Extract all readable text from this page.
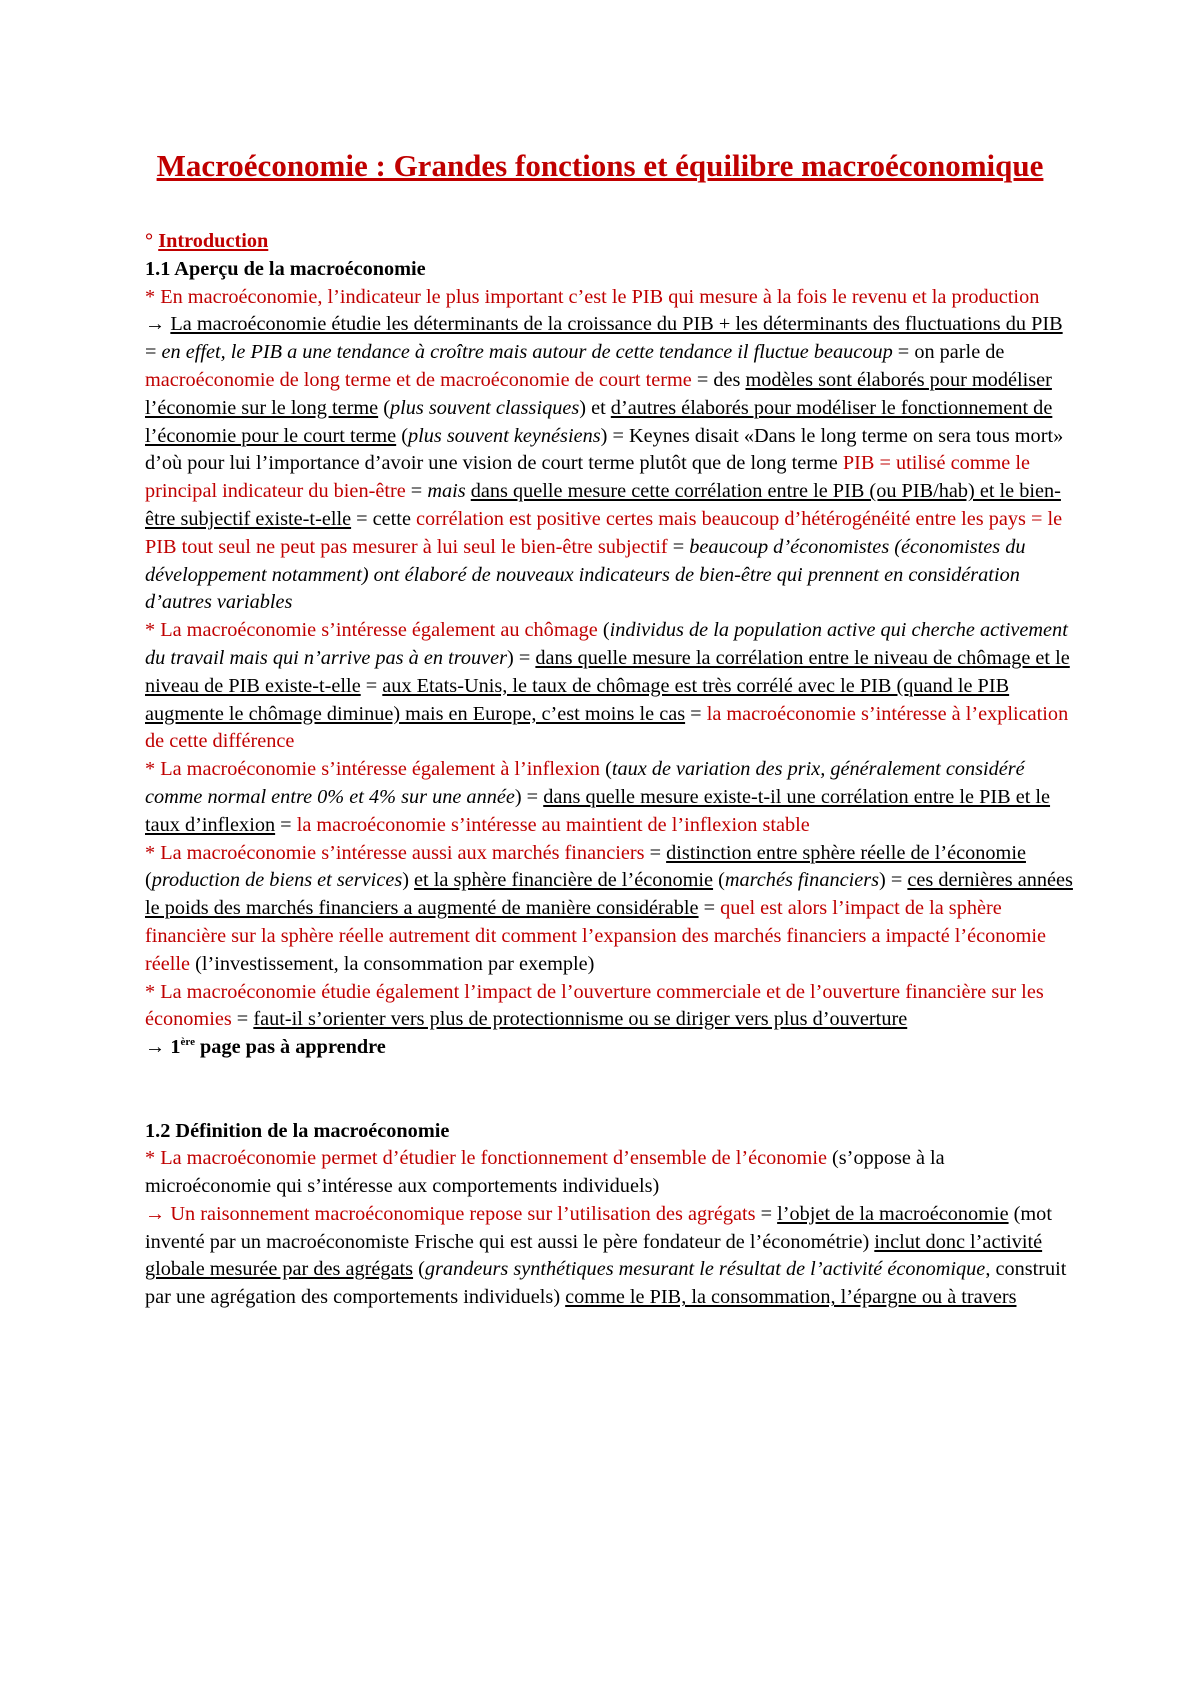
Macroéconomie : Grandes fonctions et équilibre macroéconomique

° Introduction

1.1 Aperçu de la macroéconomie

* En macroéconomie, l’indicateur le plus important c’est le PIB qui mesure à la fois le revenu et la production

→ La macroéconomie étudie les déterminants de la croissance du PIB + les déterminants des fluctuations du PIB = en effet, le PIB a une tendance à croître mais autour de cette tendance il fluctue beaucoup = on parle de macroéconomie de long terme et de macroéconomie de court terme = des modèles sont élaborés pour modéliser l’économie sur le long terme (plus souvent classiques) et d’autres élaborés pour modéliser le fonctionnement de l’économie pour le court terme (plus souvent keynésiens) = Keynes disait «Dans le long terme on sera tous mort» d’où pour lui l’importance d’avoir une vision de court terme plutôt que de long terme PIB = utilisé comme le principal indicateur du bien-être = mais dans quelle mesure cette corrélation entre le PIB (ou PIB/hab) et le bien-être subjectif existe-t-elle = cette corrélation est positive certes mais beaucoup d’hétérogénéité entre les pays = le PIB tout seul ne peut pas mesurer à lui seul le bien-être subjectif = beaucoup d’économistes (économistes du développement notamment) ont élaboré de nouveaux indicateurs de bien-être qui prennent en considération d’autres variables

* La macroéconomie s’intéresse également au chômage (individus de la population active qui cherche activement du travail mais qui n’arrive pas à en trouver) = dans quelle mesure la corrélation entre le niveau de chômage et le niveau de PIB existe-t-elle = aux Etats-Unis, le taux de chômage est très corrélé avec le PIB (quand le PIB augmente le chômage diminue) mais en Europe, c’est moins le cas = la macroéconomie s’intéresse à l’explication de cette différence

* La macroéconomie s’intéresse également à l’inflexion (taux de variation des prix, généralement considéré comme normal entre 0% et 4% sur une année) = dans quelle mesure existe-t-il une corrélation entre le PIB et le taux d’inflexion = la macroéconomie s’intéresse au maintient de l’inflexion stable

* La macroéconomie s’intéresse aussi aux marchés financiers = distinction entre sphère réelle de l’économie (production de biens et services) et la sphère financière de l’économie (marchés financiers) = ces dernières années le poids des marchés financiers a augmenté de manière considérable = quel est alors l’impact de la sphère financière sur la sphère réelle autrement dit comment l’expansion des marchés financiers a impacté l’économie réelle (l’investissement, la consommation par exemple)

* La macroéconomie étudie également l’impact de l’ouverture commerciale et de l’ouverture financière sur les économies = faut-il s’orienter vers plus de protectionnisme ou se diriger vers plus d’ouverture

→ 1ère page pas à apprendre

1.2 Définition de la macroéconomie

* La macroéconomie permet d’étudier le fonctionnement d’ensemble de l’économie (s’oppose à la microéconomie qui s’intéresse aux comportements individuels)

→ Un raisonnement macroéconomique repose sur l’utilisation des agrégats = l’objet de la macroéconomie (mot inventé par un macroéconomiste Frische qui est aussi le père fondateur de l’économétrie) inclut donc l’activité globale mesurée par des agrégats (grandeurs synthétiques mesurant le résultat de l’activité économique, construit par une agrégation des comportements individuels) comme le PIB, la consommation, l’épargne ou à travers
